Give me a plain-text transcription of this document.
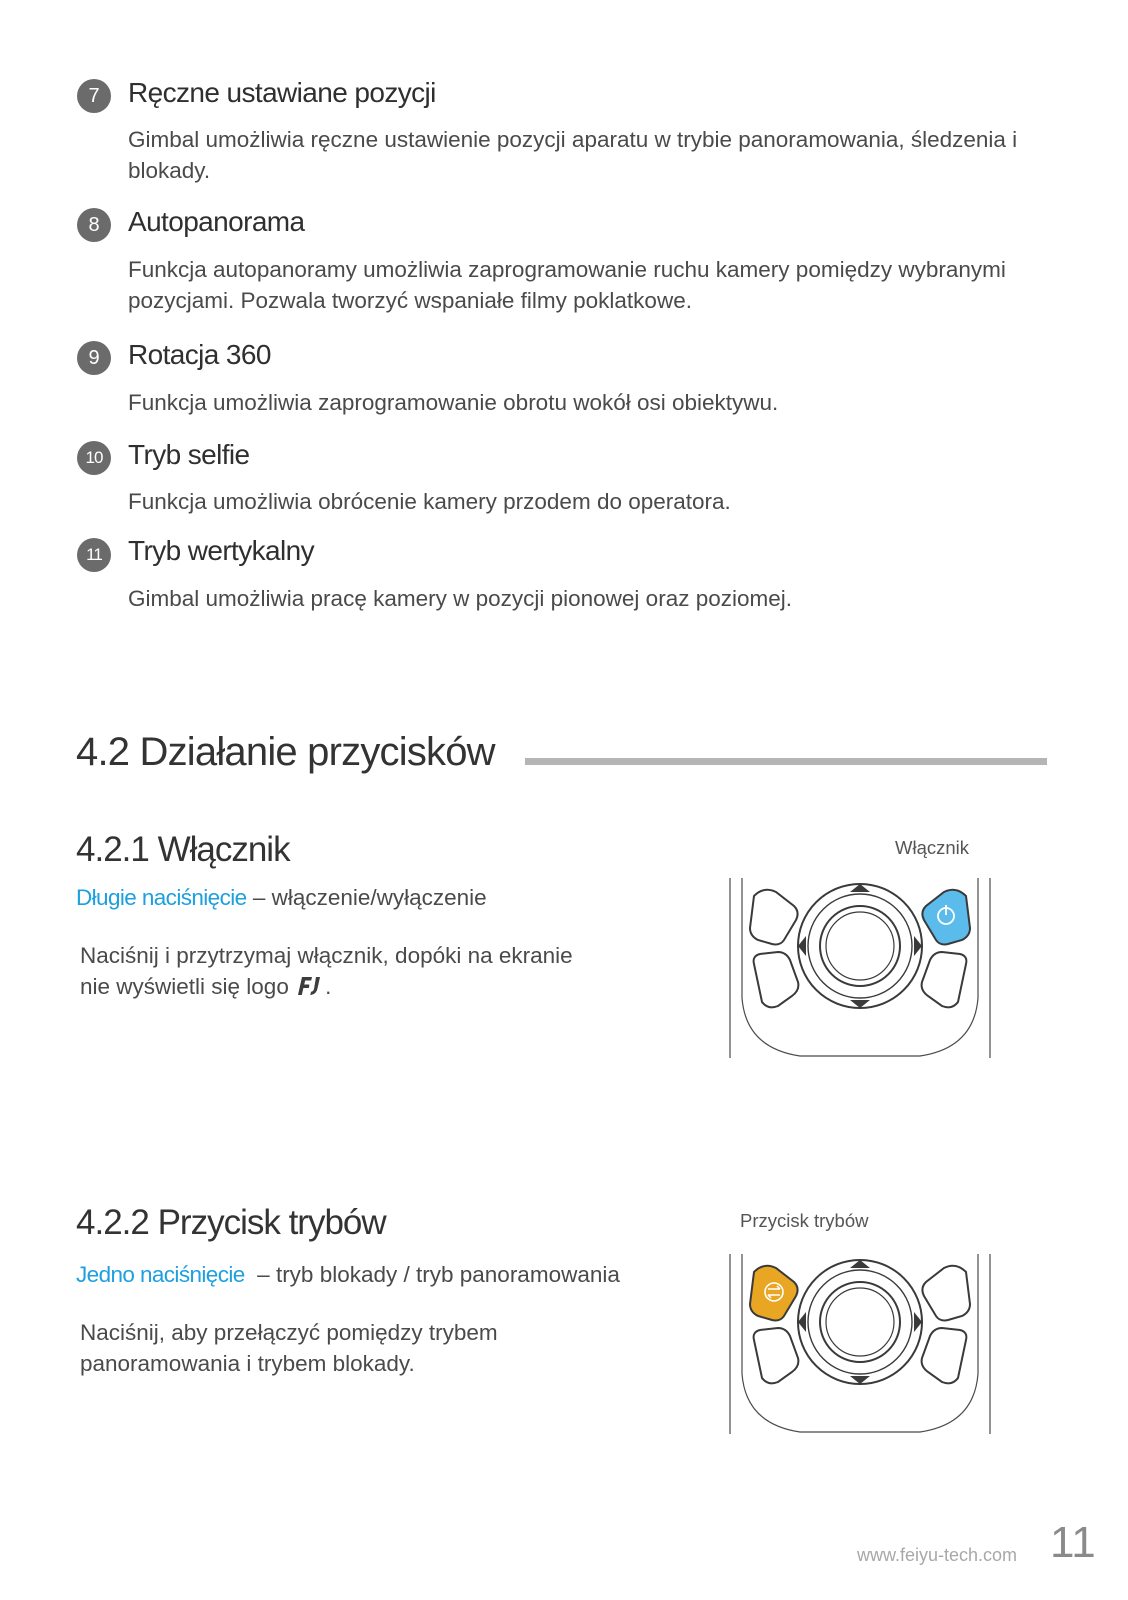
7	Ręczne ustawiane pozycji
Gimbal umożliwia ręczne ustawienie pozycji aparatu w trybie panoramowania, śledzenia i blokady.
8	Autopanorama
Funkcja autopanoramy umożliwia zaprogramowanie ruchu kamery pomiędzy wybranymi pozycjami. Pozwala tworzyć wspaniałe filmy poklatkowe.
9	Rotacja 360
Funkcja umożliwia zaprogramowanie obrotu wokół osi obiektywu.
10 Tryb selfie
Funkcja umożliwia obrócenie kamery przodem do operatora.
11 Tryb wertykalny
Gimbal umożliwia pracę kamery w pozycji pionowej oraz poziomej.
4.2 Działanie przycisków
4.2.1 Włącznik
Długie naciśnięcie – włączenie/wyłączenie
Naciśnij i przytrzymaj włącznik, dopóki na ekranie
nie wyświetli się logo .
Włącznik
4.2.2 Przycisk trybów
Jedno naciśnięcie  – tryb blokady / tryb panoramowania
Naciśnij, aby przełączyć pomiędzy trybem
panoramowania i trybem blokady.
Przycisk trybów
www.feiyu-tech.com 11
